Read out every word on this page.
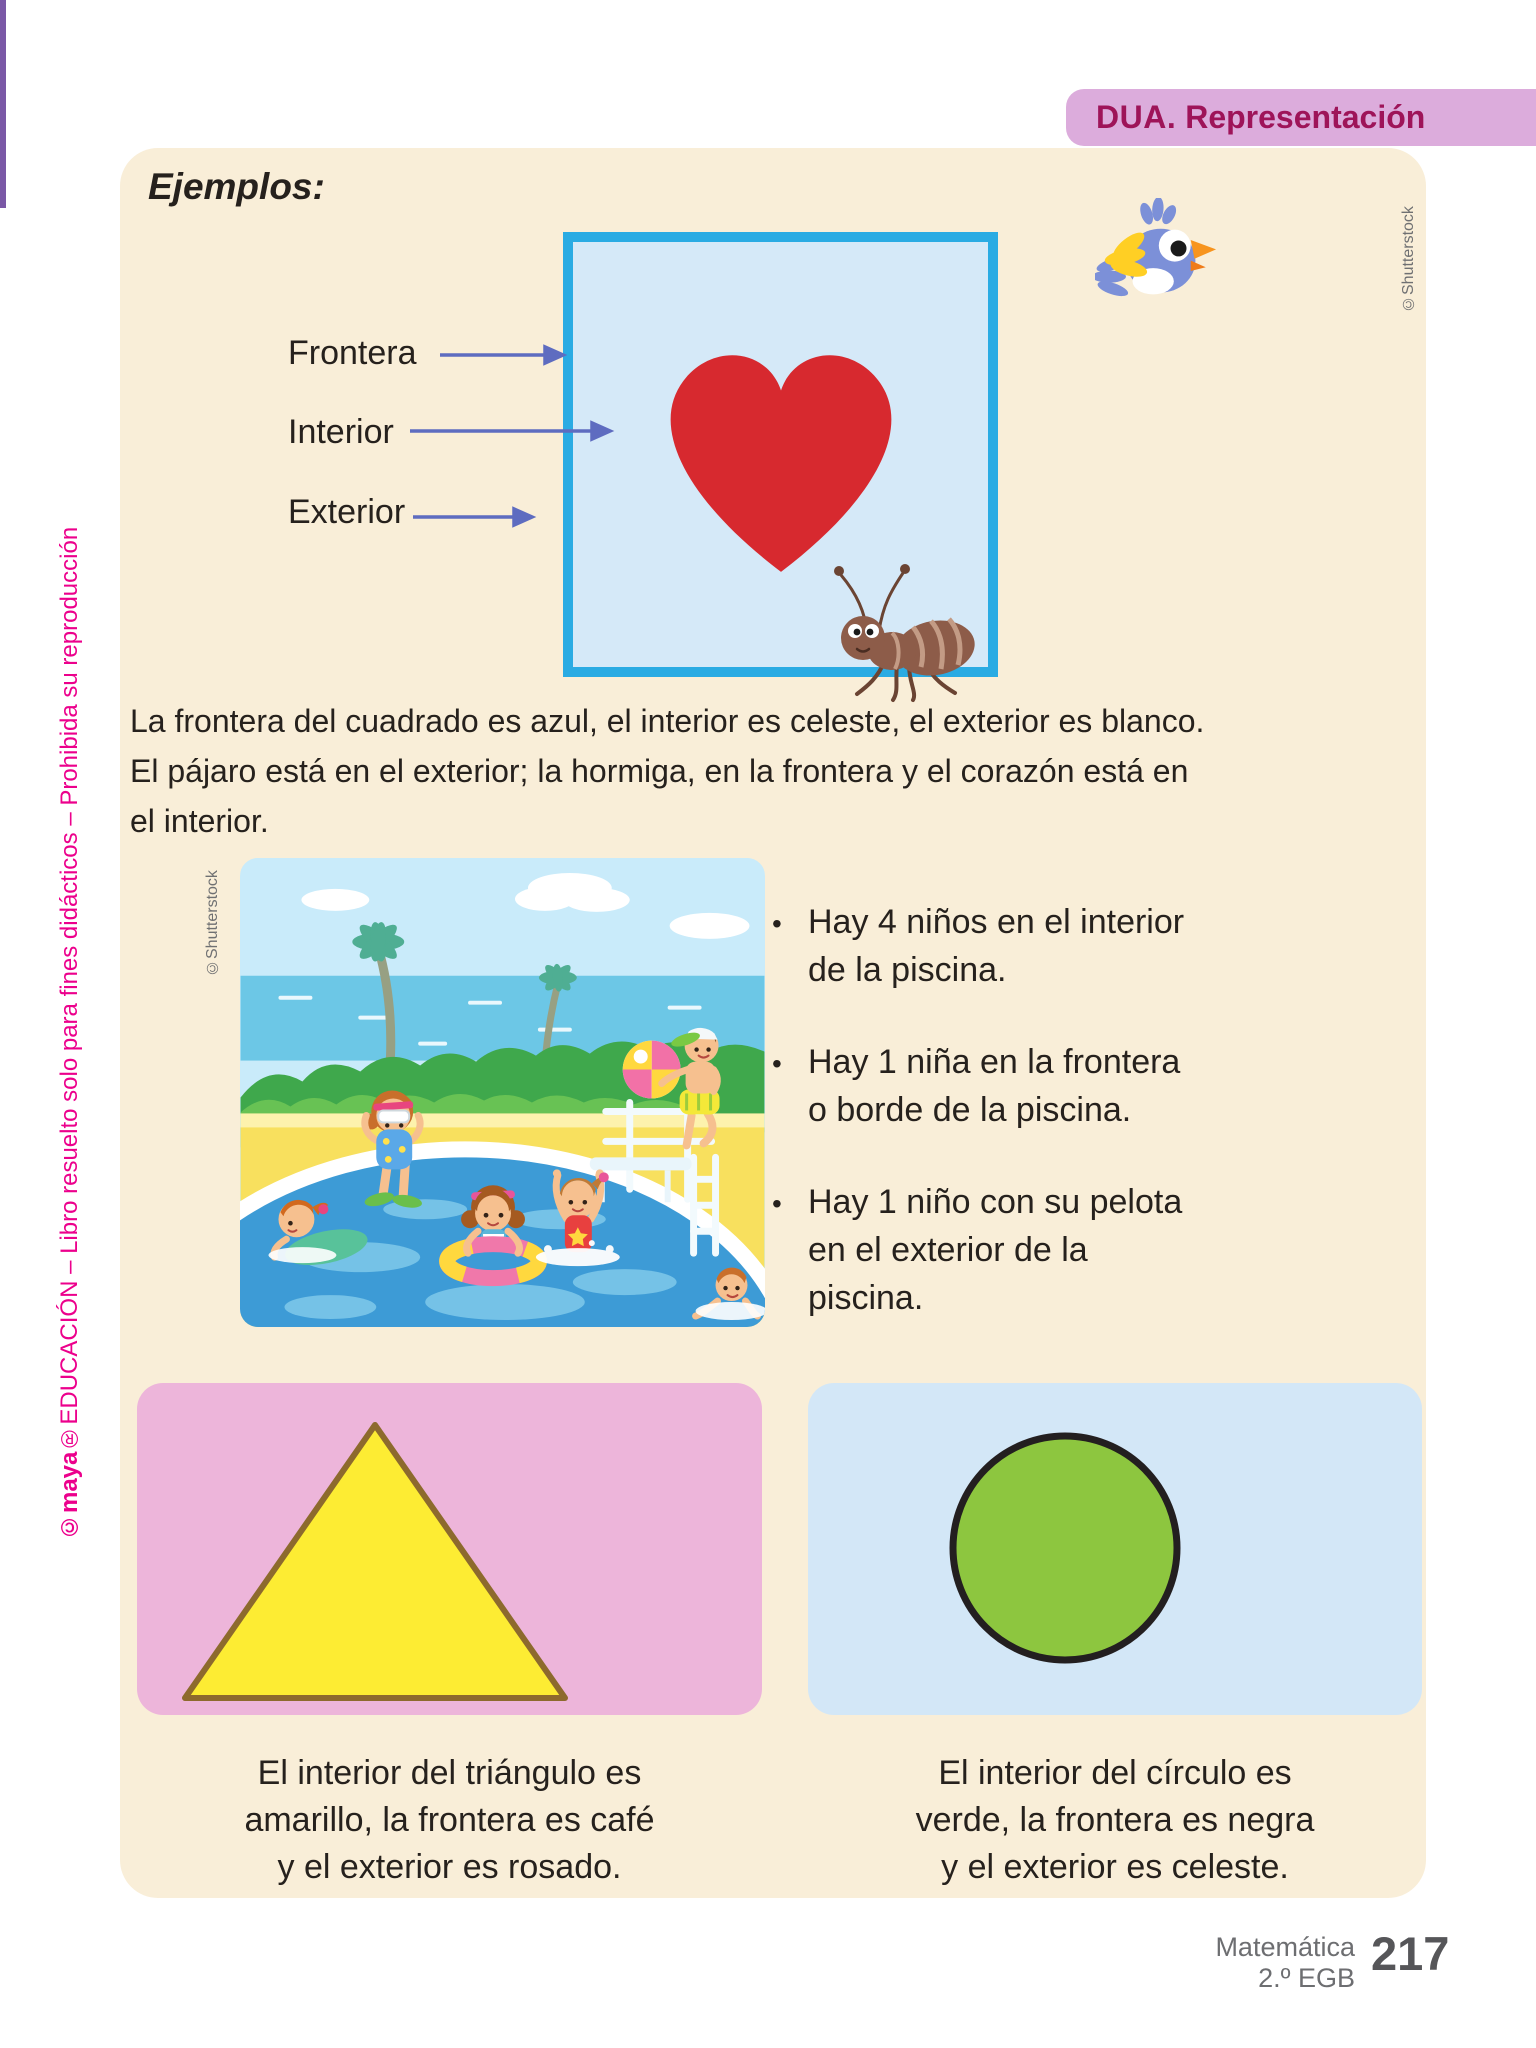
©maya®EDUCACIÓN – Libro resuelto solo para fines didácticos – Prohibida su reproducción
DUA. Representación
Ejemplos:
©Shutterstock
Frontera
Interior
Exterior
La frontera del cuadrado es azul, el interior es celeste, el exterior es blanco.
El pájaro está en el exterior; la hormiga, en la frontera y el corazón está en
el interior.
©Shutterstock	• Hay 4 niños en el interior
de la piscina.
• Hay 1 niña en la frontera
o borde de la piscina.
• Hay 1 niño con su pelota
en el exterior de la
piscina.
El interior del triángulo es
amarillo, la frontera es café
y el exterior es rosado.
El interior del círculo es
verde, la frontera es negra
y el exterior es celeste.
Matemática
2.º EGB 217
